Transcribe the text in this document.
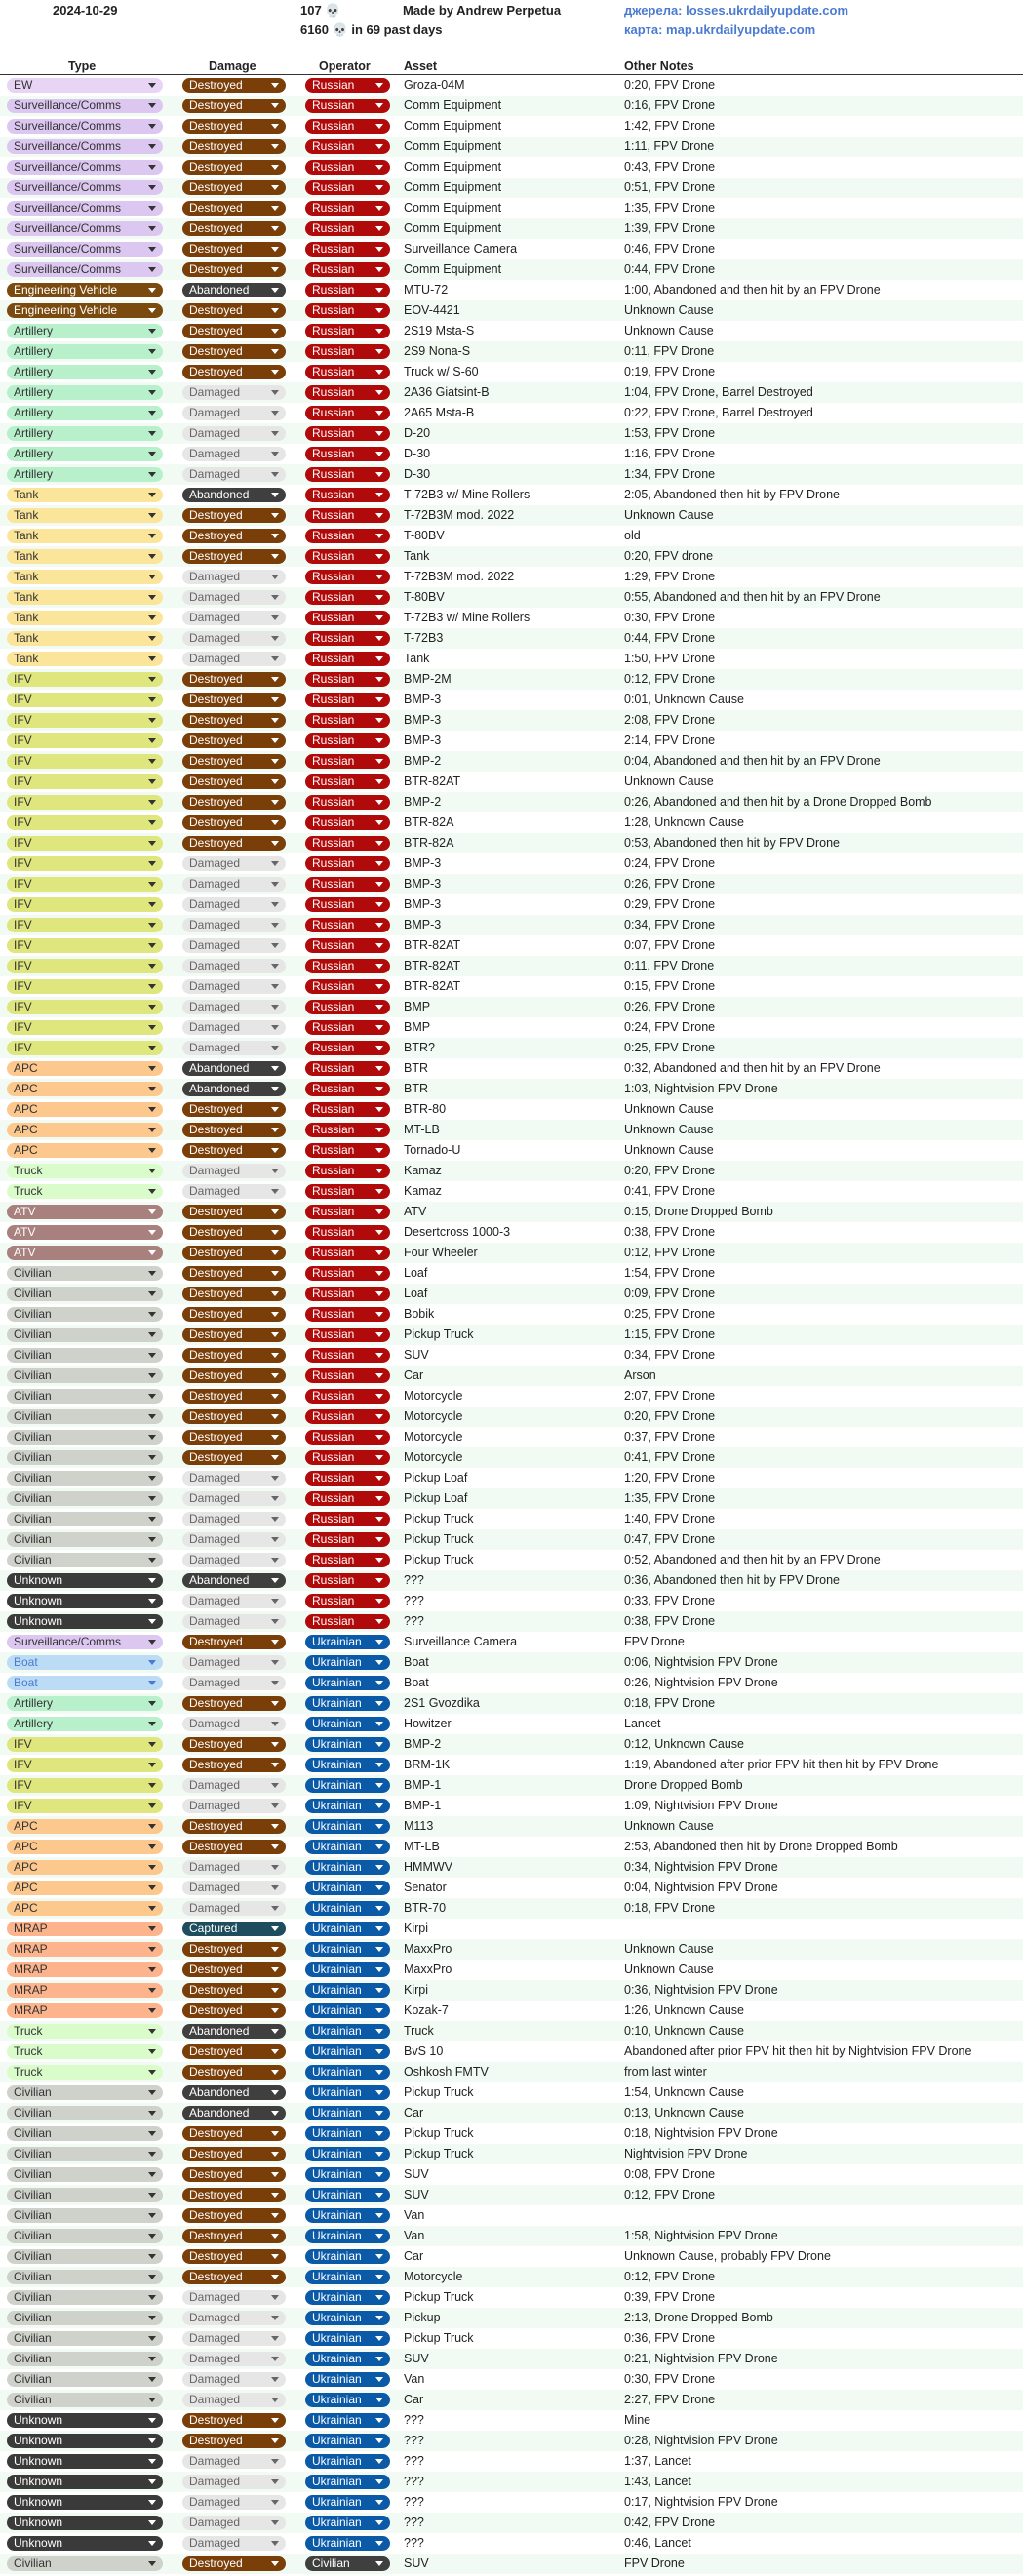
2024-10-29	107 💀
6160 💀 in 69 past days
Made by Andrew Perpetua	джерела: losses.ukrdailyupdate.com
карта: map.ukrdailyupdate.com
Type	Damage	Operator	Asset	Other Notes
EW	Destroyed	Russian	Groza-04M	0:20, FPV Drone
Surveillance/Comms	Destroyed	Russian	Comm Equipment	0:16, FPV Drone
Surveillance/Comms	Destroyed	Russian	Comm Equipment	1:42, FPV Drone
Surveillance/Comms	Destroyed	Russian	Comm Equipment	1:11, FPV Drone
Surveillance/Comms	Destroyed	Russian	Comm Equipment	0:43, FPV Drone
Surveillance/Comms	Destroyed	Russian	Comm Equipment	0:51, FPV Drone
Surveillance/Comms	Destroyed	Russian	Comm Equipment	1:35, FPV Drone
Surveillance/Comms	Destroyed	Russian	Comm Equipment	1:39, FPV Drone
Surveillance/Comms	Destroyed	Russian	Surveillance Camera	0:46, FPV Drone
Surveillance/Comms	Destroyed	Russian	Comm Equipment	0:44, FPV Drone
Engineering Vehicle	Abandoned	Russian	MTU-72	1:00, Abandoned and then hit by an FPV Drone
Engineering Vehicle	Destroyed	Russian	EOV-4421	Unknown Cause
Artillery	Destroyed	Russian	2S19 Msta-S	Unknown Cause
Artillery	Destroyed	Russian	2S9 Nona-S	0:11, FPV Drone
Artillery	Destroyed	Russian	Truck w/ S-60	0:19, FPV Drone
Artillery	Damaged	Russian	2A36 Giatsint-B	1:04, FPV Drone, Barrel Destroyed
Artillery	Damaged	Russian	2A65 Msta-B	0:22, FPV Drone, Barrel Destroyed
Artillery	Damaged	Russian	D-20	1:53, FPV Drone
Artillery	Damaged	Russian	D-30	1:16, FPV Drone
Artillery	Damaged	Russian	D-30	1:34, FPV Drone
Tank	Abandoned	Russian	T-72B3 w/ Mine Rollers	2:05, Abandoned then hit by FPV Drone
Tank	Destroyed	Russian	T-72B3M mod. 2022	Unknown Cause
Tank	Destroyed	Russian	T-80BV	old
Tank	Destroyed	Russian	Tank	0:20, FPV drone
Tank	Damaged	Russian	T-72B3M mod. 2022	1:29, FPV Drone
Tank	Damaged	Russian	T-80BV	0:55, Abandoned and then hit by an FPV Drone
Tank	Damaged	Russian	T-72B3 w/ Mine Rollers	0:30, FPV Drone
Tank	Damaged	Russian	T-72B3	0:44, FPV Drone
Tank	Damaged	Russian	Tank	1:50, FPV Drone
IFV	Destroyed	Russian	BMP-2M	0:12, FPV Drone
IFV	Destroyed	Russian	BMP-3	0:01, Unknown Cause
IFV	Destroyed	Russian	BMP-3	2:08, FPV Drone
IFV	Destroyed	Russian	BMP-3	2:14, FPV Drone
IFV	Destroyed	Russian	BMP-2	0:04, Abandoned and then hit by an FPV Drone
IFV	Destroyed	Russian	BTR-82AT	Unknown Cause
IFV	Destroyed	Russian	BMP-2	0:26, Abandoned and then hit by a Drone Dropped Bomb
IFV	Destroyed	Russian	BTR-82A	1:28, Unknown Cause
IFV	Destroyed	Russian	BTR-82A	0:53, Abandoned then hit by FPV Drone
IFV	Damaged	Russian	BMP-3	0:24, FPV Drone
IFV	Damaged	Russian	BMP-3	0:26, FPV Drone
IFV	Damaged	Russian	BMP-3	0:29, FPV Drone
IFV	Damaged	Russian	BMP-3	0:34, FPV Drone
IFV	Damaged	Russian	BTR-82AT	0:07, FPV Drone
IFV	Damaged	Russian	BTR-82AT	0:11, FPV Drone
IFV	Damaged	Russian	BTR-82AT	0:15, FPV Drone
IFV	Damaged	Russian	BMP	0:26, FPV Drone
IFV	Damaged	Russian	BMP	0:24, FPV Drone
IFV	Damaged	Russian	BTR?	0:25, FPV Drone
APC	Abandoned	Russian	BTR	0:32, Abandoned and then hit by an FPV Drone
APC	Abandoned	Russian	BTR	1:03, Nightvision FPV Drone
APC	Destroyed	Russian	BTR-80	Unknown Cause
APC	Destroyed	Russian	MT-LB	Unknown Cause
APC	Destroyed	Russian	Tornado-U	Unknown Cause
Truck	Damaged	Russian	Kamaz	0:20, FPV Drone
Truck	Damaged	Russian	Kamaz	0:41, FPV Drone
ATV	Destroyed	Russian	ATV	0:15, Drone Dropped Bomb
ATV	Destroyed	Russian	Desertcross 1000-3	0:38, FPV Drone
ATV	Destroyed	Russian	Four Wheeler	0:12, FPV Drone
Civilian	Destroyed	Russian	Loaf	1:54, FPV Drone
Civilian	Destroyed	Russian	Loaf	0:09, FPV Drone
Civilian	Destroyed	Russian	Bobik	0:25, FPV Drone
Civilian	Destroyed	Russian	Pickup Truck	1:15, FPV Drone
Civilian	Destroyed	Russian	SUV	0:34, FPV Drone
Civilian	Destroyed	Russian	Car	Arson
Civilian	Destroyed	Russian	Motorcycle	2:07, FPV Drone
Civilian	Destroyed	Russian	Motorcycle	0:20, FPV Drone
Civilian	Destroyed	Russian	Motorcycle	0:37, FPV Drone
Civilian	Destroyed	Russian	Motorcycle	0:41, FPV Drone
Civilian	Damaged	Russian	Pickup Loaf	1:20, FPV Drone
Civilian	Damaged	Russian	Pickup Loaf	1:35, FPV Drone
Civilian	Damaged	Russian	Pickup Truck	1:40, FPV Drone
Civilian	Damaged	Russian	Pickup Truck	0:47, FPV Drone
Civilian	Damaged	Russian	Pickup Truck	0:52, Abandoned and then hit by an FPV Drone
Unknown	Abandoned	Russian	???	0:36, Abandoned then hit by FPV Drone
Unknown	Damaged	Russian	???	0:33, FPV Drone
Unknown	Damaged	Russian	???	0:38, FPV Drone
Surveillance/Comms	Destroyed	Ukrainian	Surveillance Camera	FPV Drone
Boat	Damaged	Ukrainian	Boat	0:06, Nightvision FPV Drone
Boat	Damaged	Ukrainian	Boat	0:26, Nightvision FPV Drone
Artillery	Destroyed	Ukrainian	2S1 Gvozdika	0:18, FPV Drone
Artillery	Damaged	Ukrainian	Howitzer	Lancet
IFV	Destroyed	Ukrainian	BMP-2	0:12, Unknown Cause
IFV	Destroyed	Ukrainian	BRM-1K	1:19, Abandoned after prior FPV hit then hit by FPV Drone
IFV	Damaged	Ukrainian	BMP-1	Drone Dropped Bomb
IFV	Damaged	Ukrainian	BMP-1	1:09, Nightvision FPV Drone
APC	Destroyed	Ukrainian	M113	Unknown Cause
APC	Destroyed	Ukrainian	MT-LB	2:53, Abandoned then hit by Drone Dropped Bomb
APC	Damaged	Ukrainian	HMMWV	0:34, Nightvision FPV Drone
APC	Damaged	Ukrainian	Senator	0:04, Nightvision FPV Drone
APC	Damaged	Ukrainian	BTR-70	0:18, FPV Drone
MRAP	Captured	Ukrainian	Kirpi
MRAP	Destroyed	Ukrainian	MaxxPro	Unknown Cause
MRAP	Destroyed	Ukrainian	MaxxPro	Unknown Cause
MRAP	Destroyed	Ukrainian	Kirpi	0:36, Nightvision FPV Drone
MRAP	Destroyed	Ukrainian	Kozak-7	1:26, Unknown Cause
Truck	Abandoned	Ukrainian	Truck	0:10, Unknown Cause
Truck	Destroyed	Ukrainian	BvS 10	Abandoned after prior FPV hit then hit by Nightvision FPV Drone
Truck	Destroyed	Ukrainian	Oshkosh FMTV	from last winter
Civilian	Abandoned	Ukrainian	Pickup Truck	1:54, Unknown Cause
Civilian	Abandoned	Ukrainian	Car	0:13, Unknown Cause
Civilian	Destroyed	Ukrainian	Pickup Truck	0:18, Nightvision FPV Drone
Civilian	Destroyed	Ukrainian	Pickup Truck	Nightvision FPV Drone
Civilian	Destroyed	Ukrainian	SUV	0:08, FPV Drone
Civilian	Destroyed	Ukrainian	SUV	0:12, FPV Drone
Civilian	Destroyed	Ukrainian	Van
Civilian	Destroyed	Ukrainian	Van	1:58, Nightvision FPV Drone
Civilian	Destroyed	Ukrainian	Car	Unknown Cause, probably FPV Drone
Civilian	Destroyed	Ukrainian	Motorcycle	0:12, FPV Drone
Civilian	Damaged	Ukrainian	Pickup Truck	0:39, FPV Drone
Civilian	Damaged	Ukrainian	Pickup	2:13, Drone Dropped Bomb
Civilian	Damaged	Ukrainian	Pickup Truck	0:36, FPV Drone
Civilian	Damaged	Ukrainian	SUV	0:21, Nightvision FPV Drone
Civilian	Damaged	Ukrainian	Van	0:30, FPV Drone
Civilian	Damaged	Ukrainian	Car	2:27, FPV Drone
Unknown	Destroyed	Ukrainian	???	Mine
Unknown	Destroyed	Ukrainian	???	0:28, Nightvision FPV Drone
Unknown	Damaged	Ukrainian	???	1:37, Lancet
Unknown	Damaged	Ukrainian	???	1:43, Lancet
Unknown	Damaged	Ukrainian	???	0:17, Nightvision FPV Drone
Unknown	Damaged	Ukrainian	???	0:42, FPV Drone
Unknown	Damaged	Ukrainian	???	0:46, Lancet
Civilian	Destroyed	Civilian	SUV	FPV Drone
